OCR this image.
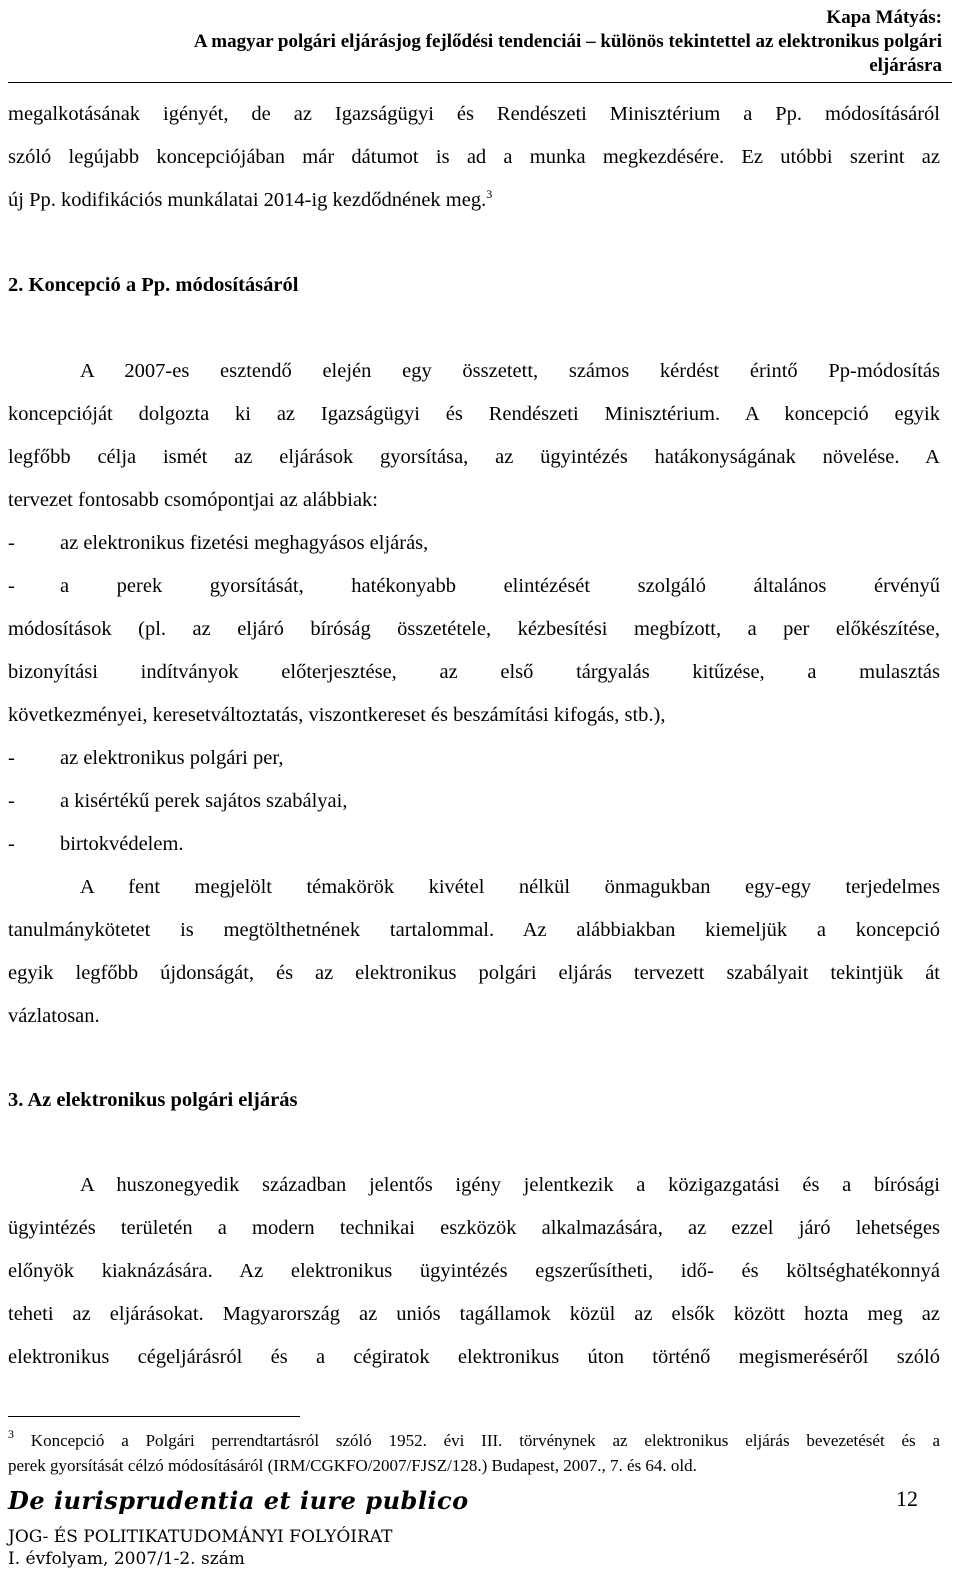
Kapa Mátyás:
A magyar polgári eljárásjog fejlődési tendenciái – különös tekintettel az elektronikus polgári
eljárásra
megalkotásának igényét, de az Igazságügyi és Rendészeti Minisztérium a Pp. módosításáról
szóló legújabb koncepciójában már dátumot is ad a munka megkezdésére. Ez utóbbi szerint az
új Pp. kodifikációs munkálatai 2014-ig kezdődnének meg.$^3$
2. Koncepció a Pp. módosításáról
A 2007-es esztendő elején egy összetett, számos kérdést érintő Pp-módosítás
koncepcióját dolgozta ki az Igazságügyi és Rendészeti Minisztérium. A koncepció egyik
legfőbb célja ismét az eljárások gyorsítása, az ügyintézés hatákonyságának növelése. A
tervezet fontosabb csomópontjai az alábbiak:
- az elektronikus fizetési meghagyásos eljárás,
- a perek gyorsítását, hatékonyabb elintézését szolgáló általános érvényű
módosítások (pl. az eljáró bíróság összetétele, kézbesítési megbízott, a per előkészítése,
bizonyítási indítványok előterjesztése, az első tárgyalás kitűzése, a mulasztás
következményei, keresetváltoztatás, viszontkereset és beszámítási kifogás, stb.),
- az elektronikus polgári per,
- a kisértékű perek sajátos szabályai,
- birtokvédelem.
A fent megjelölt témakörök kivétel nélkül önmagukban egy-egy terjedelmes
tanulmánykötetet is megtölthetnének tartalommal. Az alábbiakban kiemeljük a koncepció
egyik legfőbb újdonságát, és az elektronikus polgári eljárás tervezett szabályait tekintjük át
vázlatosan.
3. Az elektronikus polgári eljárás
A huszonegyedik században jelentős igény jelentkezik a közigazgatási és a bírósági
ügyintézés területén a modern technikai eszközök alkalmazására, az ezzel járó lehetséges
előnyök kiaknázására. Az elektronikus ügyintézés egszerűsítheti, idő- és költséghatékonnyá
teheti az eljárásokat. Magyarország az uniós tagállamok közül az elsők között hozta meg az
elektronikus cégeljárásról és a cégiratok elektronikus úton történő megismeréséről szóló
$^3$ Koncepció a Polgári perrendtartásról szóló 1952. évi III. törvénynek az elektronikus eljárás bevezetését és a
perek gyorsítását célzó módosításáról (IRM/CGKFO/2007/FJSZ/128.) Budapest, 2007., 7. és 64. old.
De iurisprudentia et iure publico	12
JOG- ÉS POLITIKATUDOMÁNYI FOLYÓIRAT
I. évfolyam, 2007/1-2. szám
